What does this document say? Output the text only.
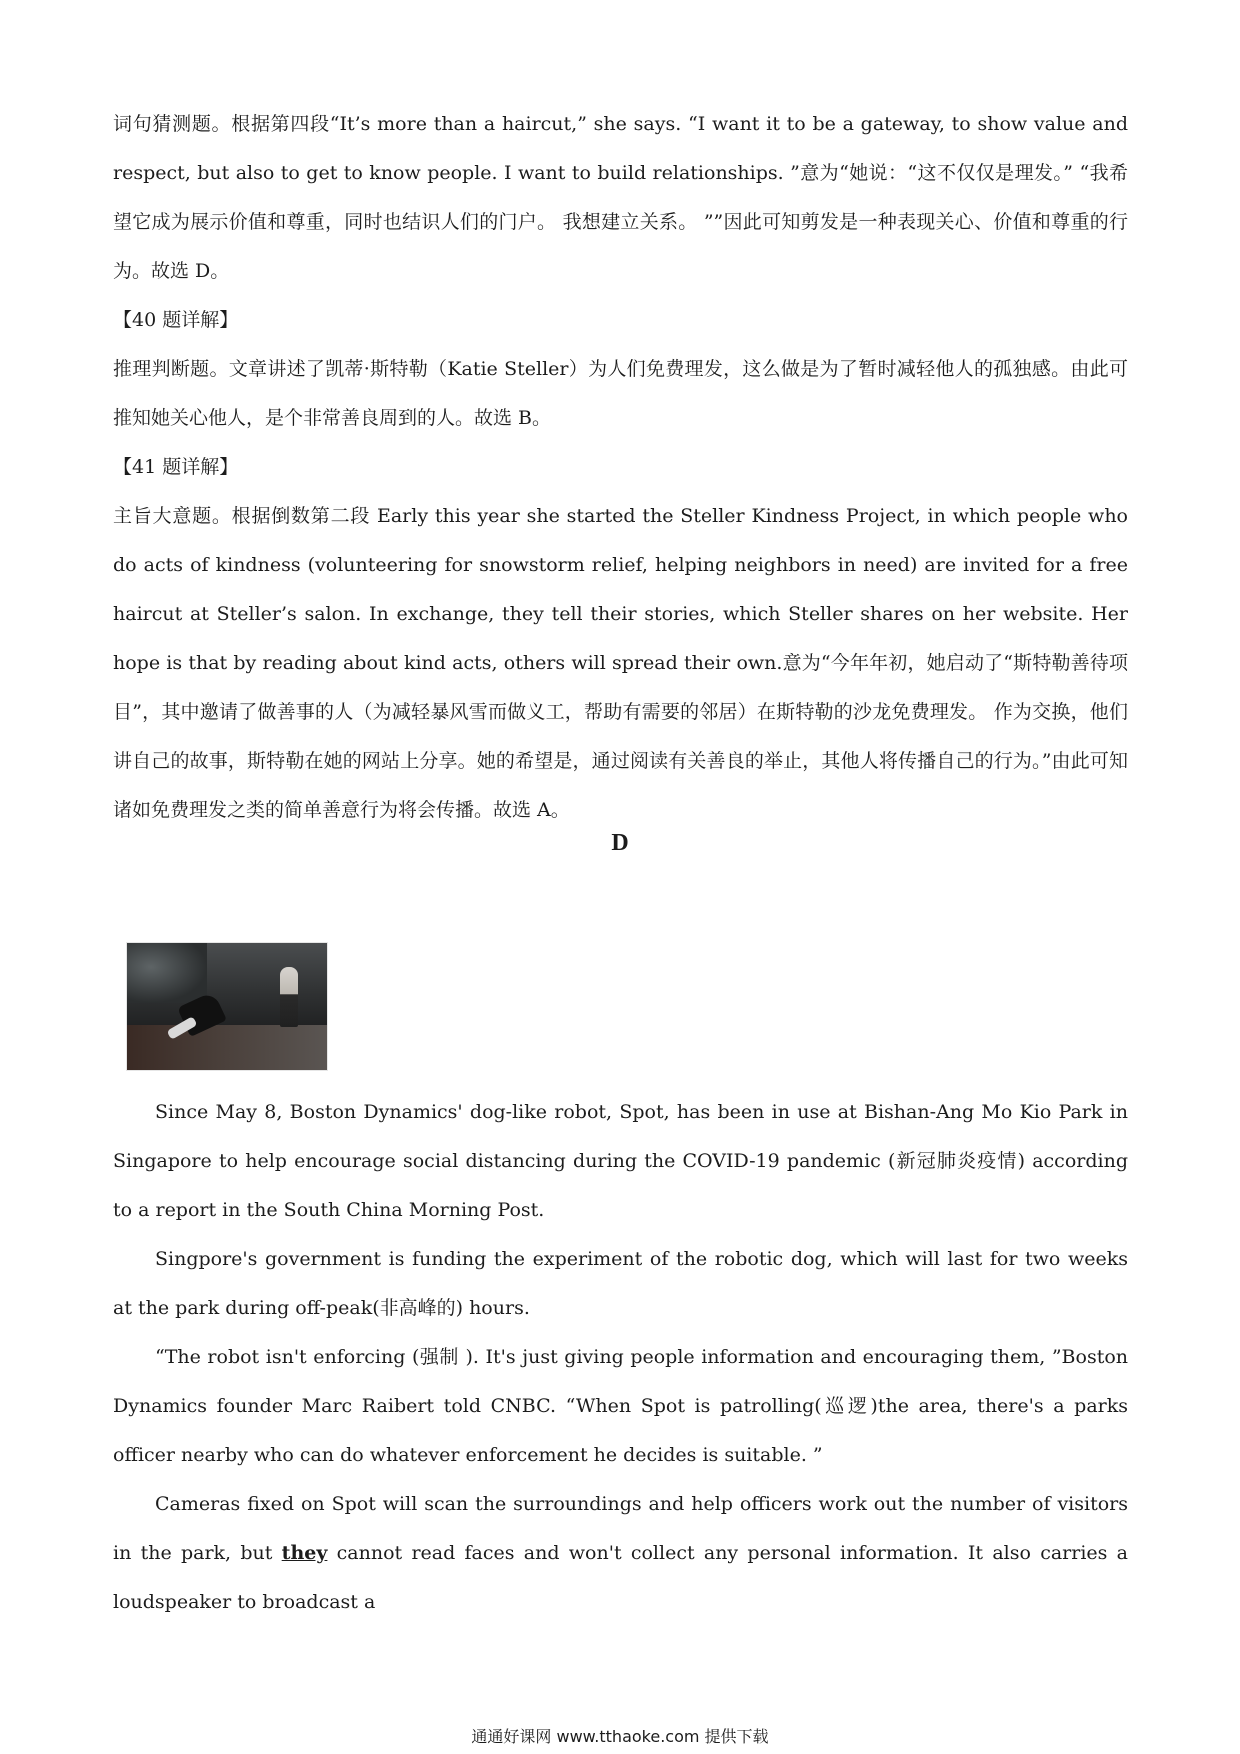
词句猜测题。根据第四段“It’s more than a haircut,” she says. “I want it to be a gateway, to show value and respect, but also to get to know people. I want to build relationships. ”意为“她说：“这不仅仅是理发。” “我希望它成为展示价值和尊重，同时也结识人们的门户。 我想建立关系。 ””因此可知剪发是一种表现关心、价值和尊重的行为。故选 D。

【40 题详解】

推理判断题。文章讲述了凯蒂·斯特勒（Katie Steller）为人们免费理发，这么做是为了暂时减轻他人的孤独感。由此可推知她关心他人，是个非常善良周到的人。故选 B。

【41 题详解】

主旨大意题。根据倒数第二段 Early this year she started the Steller Kindness Project, in which people who do acts of kindness (volunteering for snowstorm relief, helping neighbors in need) are invited for a free haircut at Steller’s salon. In exchange, they tell their stories, which Steller shares on her website. Her hope is that by reading about kind acts, others will spread their own.意为“今年年初，她启动了“斯特勒善待项目”，其中邀请了做善事的人（为减轻暴风雪而做义工，帮助有需要的邻居）在斯特勒的沙龙免费理发。 作为交换，他们讲自己的故事，斯特勒在她的网站上分享。她的希望是，通过阅读有关善良的举止，其他人将传播自己的行为。”由此可知诸如免费理发之类的简单善意行为将会传播。故选 A。

D

Since May 8, Boston Dynamics' dog-like robot, Spot, has been in use at Bishan-Ang Mo Kio Park in Singapore to help encourage social distancing during the COVID-19 pandemic (新冠肺炎疫情) according to a report in the South China Morning Post.

Singpore's government is funding the experiment of the robotic dog, which will last for two weeks at the park during off-peak(非高峰的) hours.

“The robot isn't enforcing (强制 ). It's just giving people information and encouraging them, ”Boston Dynamics founder Marc Raibert told CNBC. “When Spot is patrolling(巡逻)the area, there's a parks officer nearby who can do whatever enforcement he decides is suitable. ”

Cameras fixed on Spot will scan the surroundings and help officers work out the number of visitors in the park, but they cannot read faces and won't collect any personal information. It also carries a loudspeaker to broadcast a

通通好课网 www.tthaoke.com 提供下载
